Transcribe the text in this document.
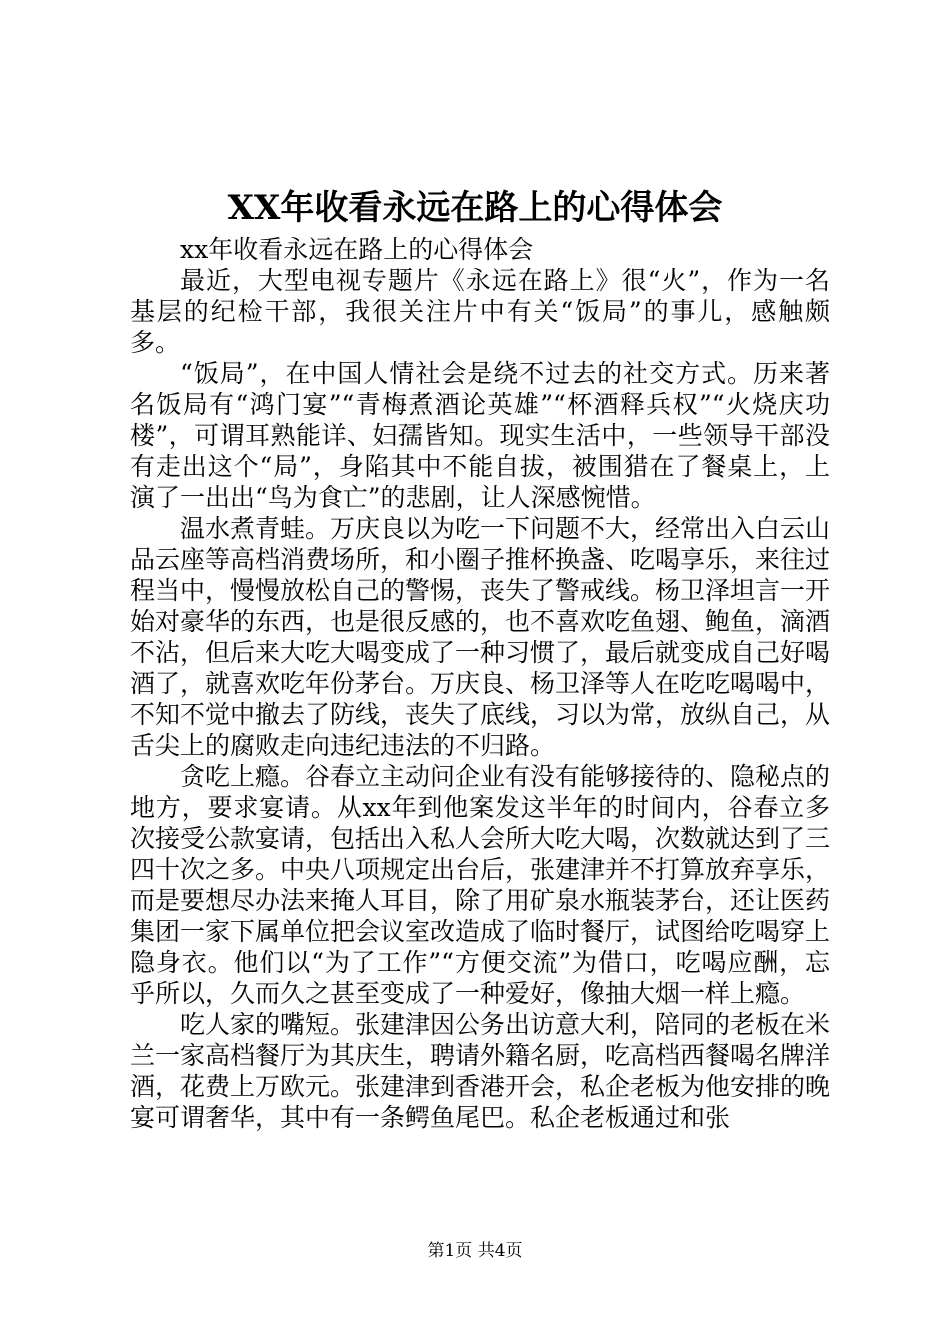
XX年收看永远在路上的心得体会

xx年收看永远在路上的心得体会

最近，大型电视专题片《永远在路上》很“火”，作为一名基层的纪检干部，我很关注片中有关“饭局”的事儿，感触颇多。

“饭局”，在中国人情社会是绕不过去的社交方式。历来著名饭局有“鸿门宴”“青梅煮酒论英雄”“杯酒释兵权”“火烧庆功楼”，可谓耳熟能详、妇孺皆知。现实生活中，一些领导干部没有走出这个“局”，身陷其中不能自拔，被围猎在了餐桌上，上演了一出出“鸟为食亡”的悲剧，让人深感惋惜。

温水煮青蛙。万庆良以为吃一下问题不大，经常出入白云山品云座等高档消费场所，和小圈子推杯换盏、吃喝享乐，来往过程当中，慢慢放松自己的警惕，丧失了警戒线。杨卫泽坦言一开始对豪华的东西，也是很反感的，也不喜欢吃鱼翅、鲍鱼，滴酒不沾，但后来大吃大喝变成了一种习惯了，最后就变成自己好喝酒了，就喜欢吃年份茅台。万庆良、杨卫泽等人在吃吃喝喝中，不知不觉中撤去了防线，丧失了底线，习以为常，放纵自己，从舌尖上的腐败走向违纪违法的不归路。

贪吃上瘾。谷春立主动问企业有没有能够接待的、隐秘点的地方，要求宴请。从xx年到他案发这半年的时间内，谷春立多次接受公款宴请，包括出入私人会所大吃大喝，次数就达到了三四十次之多。中央八项规定出台后，张建津并不打算放弃享乐，而是要想尽办法来掩人耳目，除了用矿泉水瓶装茅台，还让医药集团一家下属单位把会议室改造成了临时餐厅，试图给吃喝穿上隐身衣。他们以“为了工作”“方便交流”为借口，吃喝应酬，忘乎所以，久而久之甚至变成了一种爱好，像抽大烟一样上瘾。

吃人家的嘴短。张建津因公务出访意大利，陪同的老板在米兰一家高档餐厅为其庆生，聘请外籍名厨，吃高档西餐喝名牌洋酒，花费上万欧元。张建津到香港开会，私企老板为他安排的晚宴可谓奢华，其中有一条鳄鱼尾巴。私企老板通过和张

第1页 共4页
